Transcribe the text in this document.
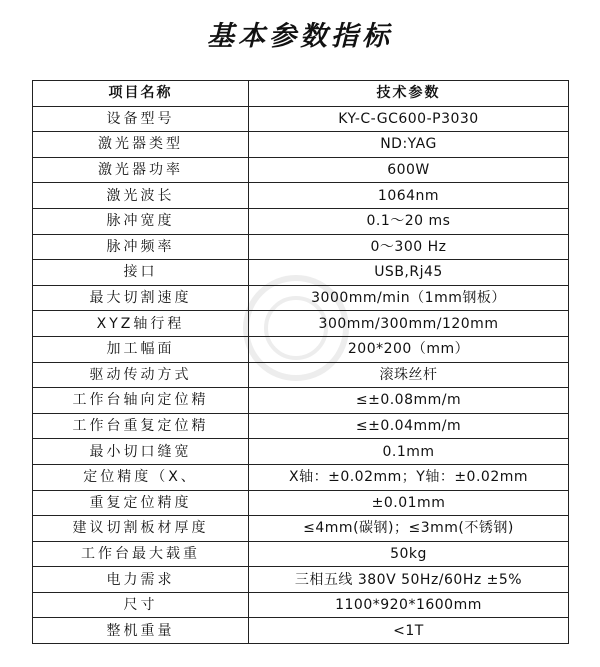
基本参数指标
项目名称	技术参数
设备型号	KY-C-GC600-P3030
激光器类型	ND:YAG
激光器功率	600W
激光波长	1064nm
脉冲宽度	0.1～20 ms
脉冲频率	0～300 Hz
接口	USB,Rj45
最大切割速度	3000mm/min（1mm钢板）
XYZ轴行程	300mm/300mm/120mm
加工幅面	200*200（mm）
驱动传动方式	滚珠丝杆
工作台轴向定位精	≤±0.08mm/m
工作台重复定位精	≤±0.04mm/m
最小切口缝宽	0.1mm
定位精度（X、	X轴：±0.02mm；Y轴：±0.02mm
重复定位精度	±0.01mm
建议切割板材厚度	≤4mm(碳钢)；≤3mm(不锈钢)
工作台最大载重	50kg
电力需求	三相五线 380V 50Hz/60Hz ±5%
尺寸	1100*920*1600mm
整机重量	<1T
